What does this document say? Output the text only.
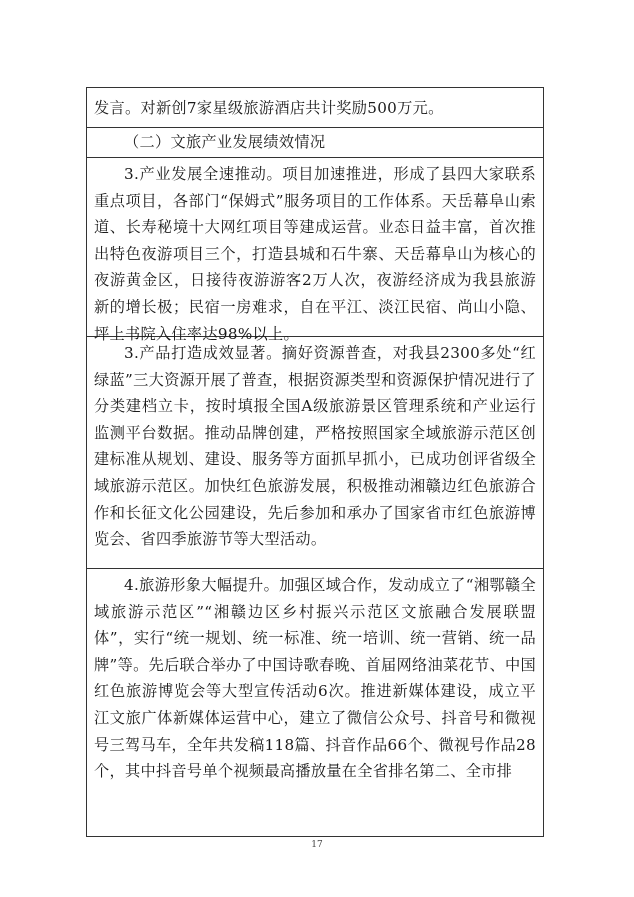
发言。对新创7家星级旅游酒店共计奖励500万元。

（二）文旅产业发展绩效情况

3.产业发展全速推动。项目加速推进，形成了县四大家联系重点项目，各部门“保姆式”服务项目的工作体系。天岳幕阜山索道、长寿秘境十大网红项目等建成运营。业态日益丰富，首次推出特色夜游项目三个，打造县城和石牛寨、天岳幕阜山为核心的夜游黄金区，日接待夜游游客2万人次，夜游经济成为我县旅游新的增长极；民宿一房难求，自在平江、淡江民宿、尚山小隐、坪上书院入住率达98%以上。

3.产品打造成效显著。摘好资源普查，对我县2300多处“红绿蓝”三大资源开展了普查，根据资源类型和资源保护情况进行了分类建档立卡，按时填报全国A级旅游景区管理系统和产业运行监测平台数据。推动品牌创建，严格按照国家全域旅游示范区创建标准从规划、建设、服务等方面抓早抓小，已成功创评省级全域旅游示范区。加快红色旅游发展，积极推动湘赣边红色旅游合作和长征文化公园建设，先后参加和承办了国家省市红色旅游博览会、省四季旅游节等大型活动。

4.旅游形象大幅提升。加强区域合作，发动成立了“湘鄂赣全域旅游示范区”“湘赣边区乡村振兴示范区文旅融合发展联盟体”，实行“统一规划、统一标准、统一培训、统一营销、统一品牌”等。先后联合举办了中国诗歌春晚、首届网络油菜花节、中国红色旅游博览会等大型宣传活动6次。推进新媒体建设，成立平江文旅广体新媒体运营中心，建立了微信公众号、抖音号和微视号三驾马车，全年共发稿118篇、抖音作品66个、微视号作品28个，其中抖音号单个视频最高播放量在全省排名第二、全市排

17
